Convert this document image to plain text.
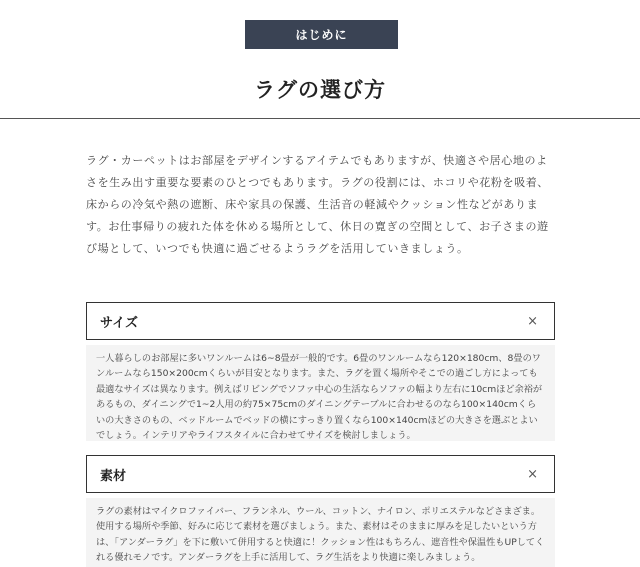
はじめに
ラグの選び方
ラグ・カーペットはお部屋をデザインするアイテムでもありますが、快適さや居心地のよさを生み出す重要な要素のひとつでもあります。ラグの役割には、ホコリや花粉を吸着、床からの冷気や熱の遮断、床や家具の保護、生活音の軽減やクッション性などがあります。お仕事帰りの疲れた体を休める場所として、休日の寛ぎの空間として、お子さまの遊び場として、いつでも快適に過ごせるようラグを活用していきましょう。
サイズ	×
一人暮らしのお部屋に多いワンルームは6~8畳が一般的です。6畳のワンルームなら120×180cm、8畳のワンルームなら150×200cmくらいが目安となります。また、ラグを置く場所やそこでの過ごし方によっても最適なサイズは異なります。例えばリビングでソファ中心の生活ならソファの幅より左右に10cmほど余裕があるもの、ダイニングで1~2人用の約75×75cmのダイニングテーブルに合わせるのなら100×140cmくらいの大きさのもの、ベッドルームでベッドの横にすっきり置くなら100×140cmほどの大きさを選ぶとよいでしょう。インテリアやライフスタイルに合わせてサイズを検討しましょう。
素材	×
ラグの素材はマイクロファイバー、フランネル、ウール、コットン、ナイロン、ポリエステルなどさまざま。使用する場所や季節、好みに応じて素材を選びましょう。また、素材はそのままに厚みを足したいという方は、「アンダーラグ」を下に敷いて併用すると快適に！クッション性はもちろん、遮音性や保温性もUPしてくれる優れモノです。アンダーラグを上手に活用して、ラグ生活をより快適に楽しみましょう。
